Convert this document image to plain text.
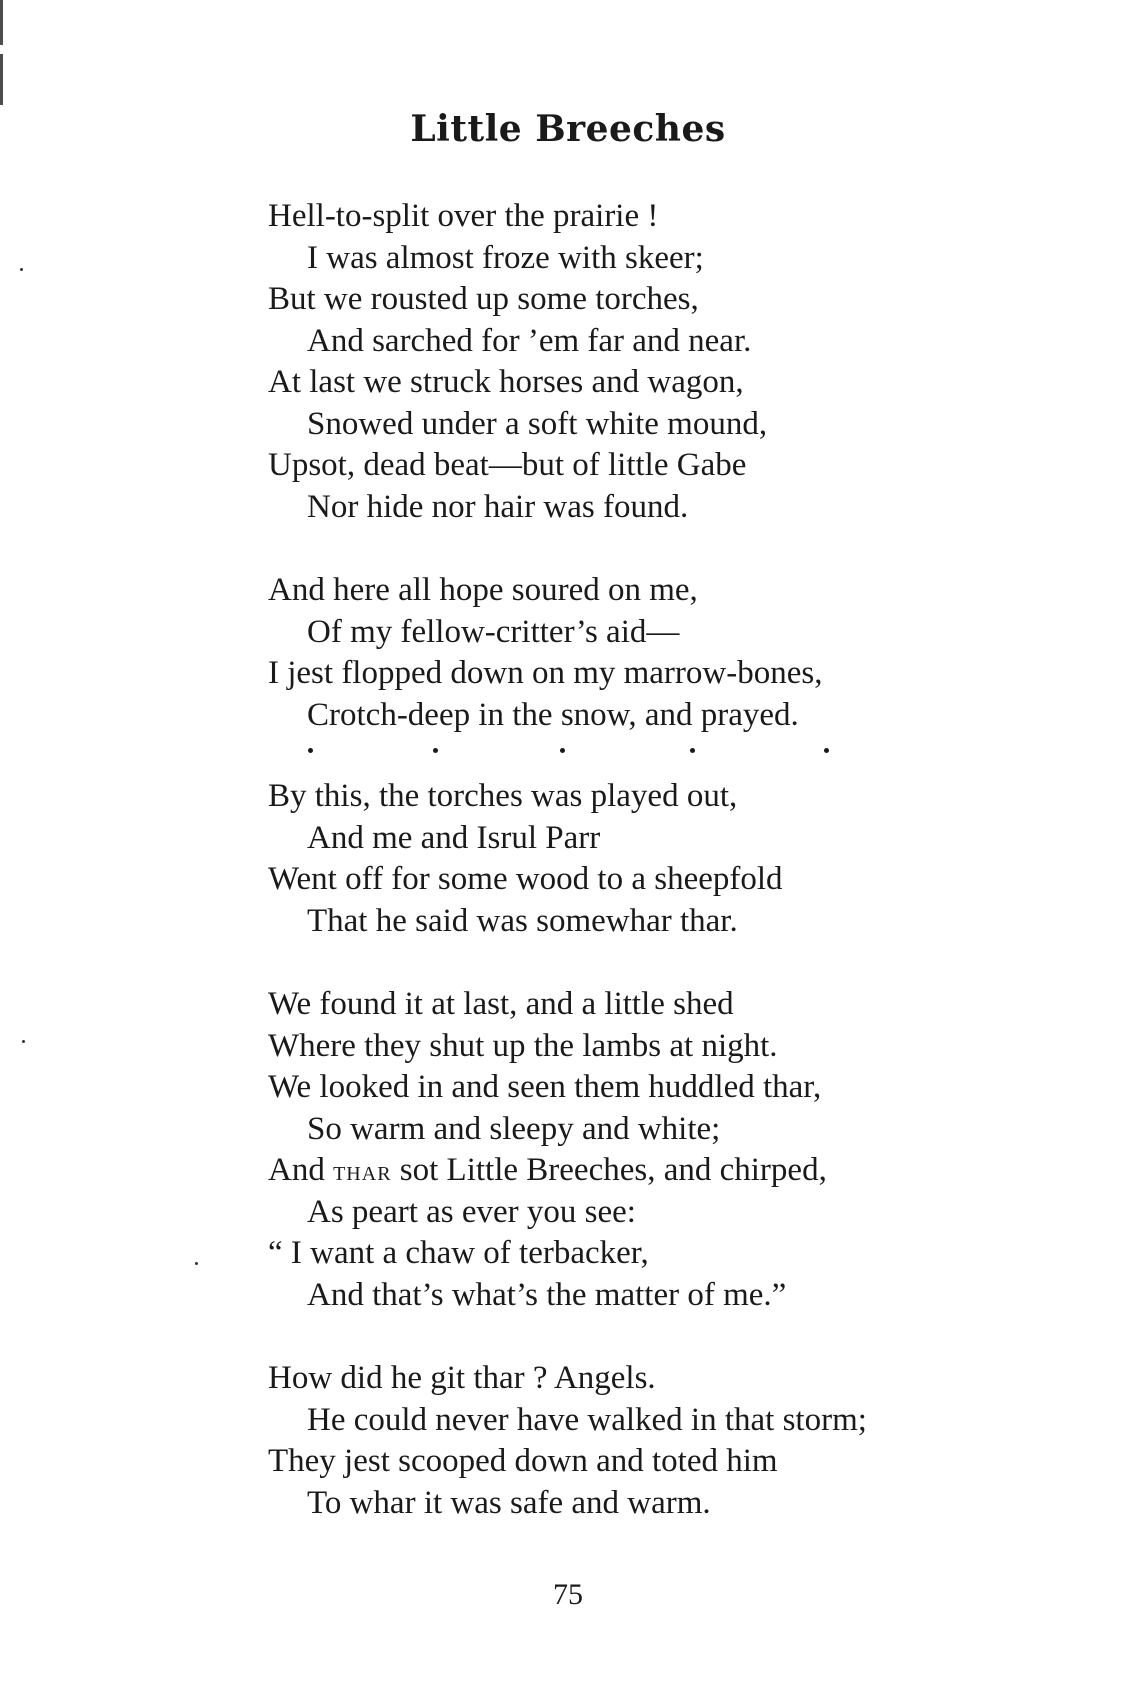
Little Breeches
Hell-to-split over the prairie !
I was almost froze with skeer;
But we rousted up some torches,
And sarched for ’em far and near.
At last we struck horses and wagon,
Snowed under a soft white mound,
Upsot, dead beat—but of little Gabe
Nor hide nor hair was found.
And here all hope soured on me,
Of my fellow-critter’s aid—
I jest flopped down on my marrow-bones,
Crotch-deep in the snow, and prayed.
By this, the torches was played out,
And me and Isrul Parr
Went off for some wood to a sheepfold
That he said was somewhar thar.
We found it at last, and a little shed
Where they shut up the lambs at night.
We looked in and seen them huddled thar,
So warm and sleepy and white;
And thar sot Little Breeches, and chirped,
As peart as ever you see:
“ I want a chaw of terbacker,
And that’s what’s the matter of me.”
How did he git thar ? Angels.
He could never have walked in that storm;
They jest scooped down and toted him
To whar it was safe and warm.
75
